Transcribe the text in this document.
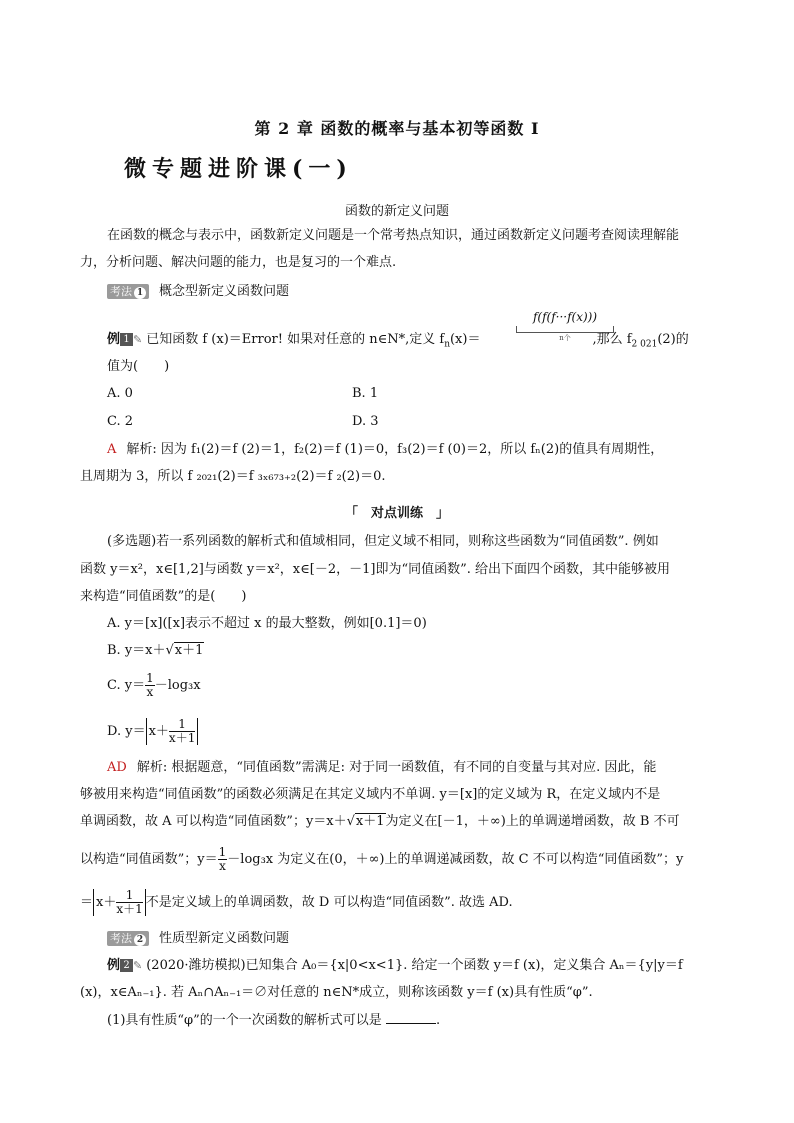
第 2 章 函数的概率与基本初等函数 I
微专题进阶课(一)
函数的新定义问题
在函数的概念与表示中，函数新定义问题是一个常考热点知识，通过函数新定义问题考查阅读理解能
力，分析问题、解决问题的能力，也是复习的一个难点.
考法 1 概念型新定义函数问题
f(f(f···f(x)))
n个
例 1 ✎ 已知函数 f (x)＝Error! 如果对任意的 n∈N*,定义 $f_n(x)=$	,那么 $f_{2 021}(2)$的
值为(　　)
A. 0	B. 1
C. 2	D. 3
A 解析: 因为 f₁(2)＝f (2)＝1，f₂(2)＝f (1)＝0，f₃(2)＝f (0)＝2，所以 fₙ(2)的值具有周期性，
且周期为 3，所以 f ₂₀₂₁(2)＝f ₃ₓ₆₇₃₊₂(2)＝f ₂(2)＝0.
「　对点训练　」
(多选题)若一系列函数的解析式和值域相同，但定义域不相同，则称这些函数为“同值函数”. 例如
函数 y＝x²，x∈[1,2]与函数 y＝x²，x∈[－2，－1]即为“同值函数”. 给出下面四个函数，其中能够被用
来构造“同值函数”的是(　　)
A. y＝[x]([x]表示不超过 x 的最大整数，例如[0.1]＝0)
B. y＝x＋√x＋1
C. $y= \frac{1}{x} -\log_3x$
D. $y= x+ \frac{1}{x+1}$
AD 解析: 根据题意，“同值函数”需满足: 对于同一函数值，有不同的自变量与其对应. 因此，能
够被用来构造“同值函数”的函数必须满足在其定义域内不单调. y＝[x]的定义域为 R，在定义域内不是
单调函数，故 A 可以构造“同值函数”；y＝x＋√x＋1为定义在[－1，＋∞)上的单调递增函数，故 B 不可
以构造“同值函数”；$y= \frac{1}{x} -\log_3x$ 为定义在(0，＋∞)上的单调递减函数，故 C 不可以构造“同值函数”；y
＝ $x+ \frac{1}{x+1}$ 不是定义域上的单调函数，故 D 可以构造“同值函数”. 故选 AD.
考法 2 性质型新定义函数问题
例 2 ✎ (2020·潍坊模拟)已知集合 A₀＝{x|0<x<1}. 给定一个函数 y＝f (x)，定义集合 Aₙ＝{y|y＝f
(x)，x∈Aₙ₋₁}. 若 Aₙ∩Aₙ₋₁＝∅对任意的 n∈N*成立，则称该函数 y＝f (x)具有性质“φ”.
(1)具有性质“φ”的一个一次函数的解析式可以是	.
